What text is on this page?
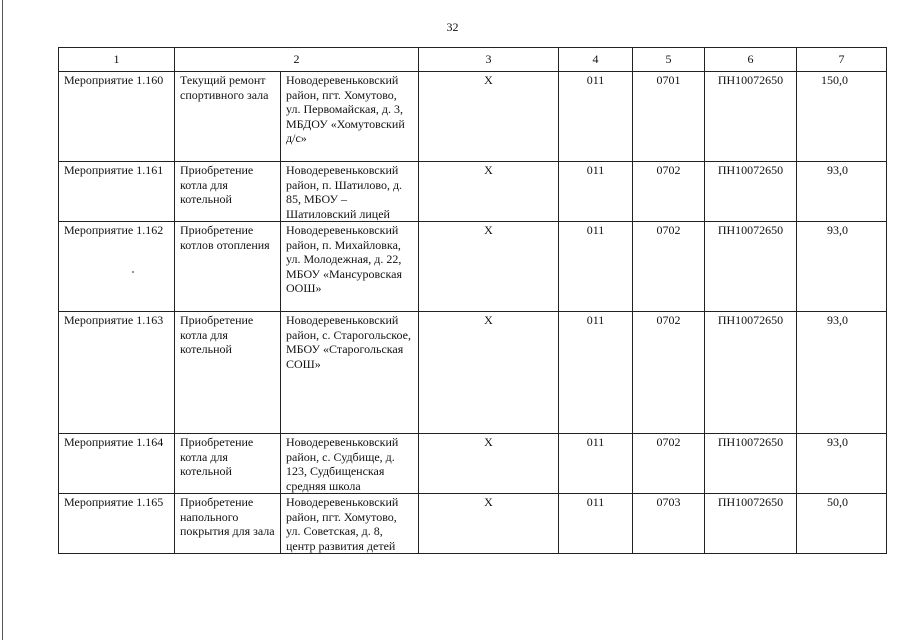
32
1	2		3	4	5	6	7
Мероприятие 1.160	Текущий ремонт спортивного зала	Новодеревеньковский район, пгт. Хомутово, ул. Первомайская, д. 3, МБДОУ «Хомутовский д/с»	Х	011	0701	ПН10072650	150,0
Мероприятие 1.161	Приобретение котла для котельной	Новодеревеньковский район, п. Шатилово, д. 85, МБОУ – Шатиловский лицей	Х	011	0702	ПН10072650	93,0
Мероприятие 1.162	Приобретение котлов отопления	Новодеревеньковский район, п. Михайловка, ул. Молодежная, д. 22, МБОУ «Мансуровская ООШ»	Х	011	0702	ПН10072650	93,0
Мероприятие 1.163	Приобретение котла для котельной	Новодеревеньковский район, с. Старогольское, МБОУ «Старогольская СОШ»	Х	011	0702	ПН10072650	93,0
Мероприятие 1.164	Приобретение котла для котельной	Новодеревеньковский район, с. Судбище, д. 123, Судбищенская средняя школа	Х	011	0702	ПН10072650	93,0
Мероприятие 1.165	Приобретение напольного покрытия для зала	Новодеревеньковский район, пгт. Хомутово, ул. Советская, д. 8, центр развития детей	Х	011	0703	ПН10072650	50,0
